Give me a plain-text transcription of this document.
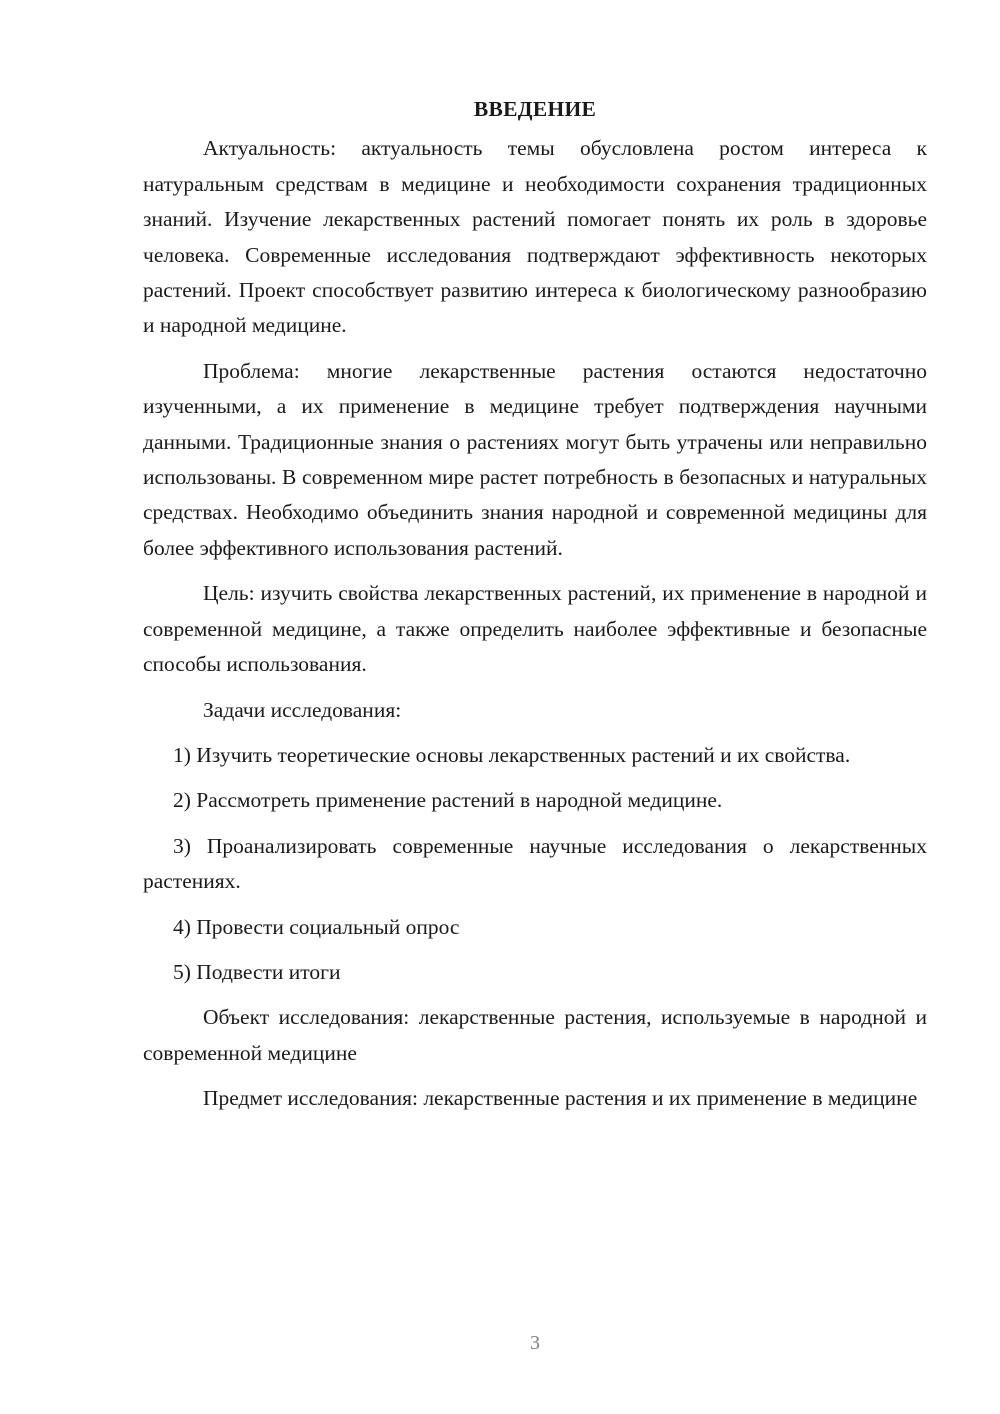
ВВЕДЕНИЕ

Актуальность: актуальность темы обусловлена ростом интереса к натуральным средствам в медицине и необходимости сохранения традиционных знаний. Изучение лекарственных растений помогает понять их роль в здоровье человека. Современные исследования подтверждают эффективность некоторых растений. Проект способствует развитию интереса к биологическому разнообразию и народной медицине.

Проблема: многие лекарственные растения остаются недостаточно изученными, а их применение в медицине требует подтверждения научными данными. Традиционные знания о растениях могут быть утрачены или неправильно использованы. В современном мире растет потребность в безопасных и натуральных средствах. Необходимо объединить знания народной и современной медицины для более эффективного использования растений.

Цель: изучить свойства лекарственных растений, их применение в народной и современной медицине, а также определить наиболее эффективные и безопасные способы использования.

Задачи исследования:

1) Изучить теоретические основы лекарственных растений и их свойства.

2) Рассмотреть применение растений в народной медицине.

3) Проанализировать современные научные исследования о лекарственных растениях.

4) Провести социальный опрос

5) Подвести итоги

Объект исследования: лекарственные растения, используемые в народной и современной медицине

Предмет исследования: лекарственные растения и их применение в медицине

3
